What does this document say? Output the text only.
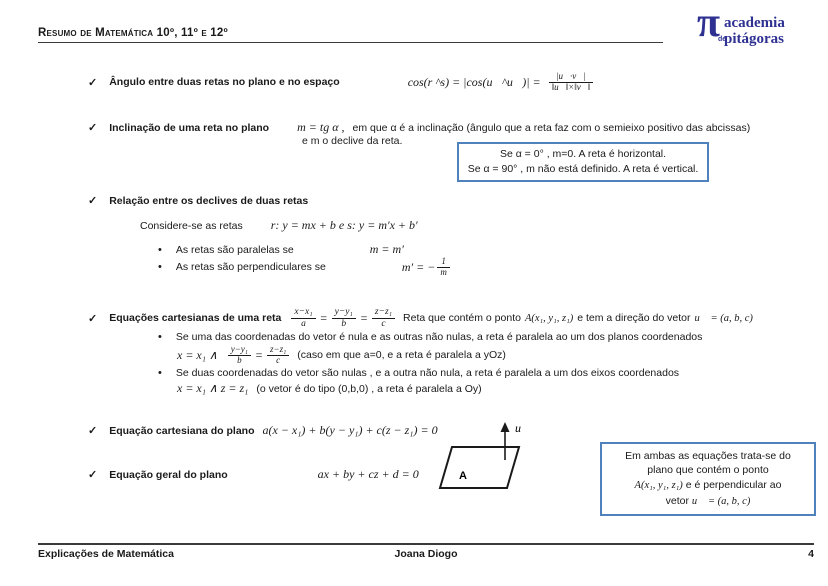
Resumo de Matemática 10º, 11º e 12º	π
de
academia
pitágoras
✓ Ângulo entre duas retas no plano e no espaço	cos(r ^s) = |cos(u⃗^u⃗)| = $\frac{|u⃗\cdot v⃗|}{‖u⃗‖\times‖v⃗‖}$
✓ Inclinação de uma reta no plano m = tg α , em que α é a inclinação (ângulo que a reta faz com o semieixo positivo das abcissas)
e m o declive da reta.
Se α = 0° , m=0. A reta é horizontal.
Se α = 90° , m não está definido. A reta é vertical.
✓ Relação entre os declives de duas retas
Considere-se as retas r: y = mx + b e s: y = m′x + b′
• As retas são paralelas se	m = m′
• As retas são perpendiculares se	m′ = − $\frac{1}{m}$
✓ Equações cartesianas de uma reta $\frac{\text{x−x₁}}{a} = \frac{\text{y−y₁}}{b} = \frac{\text{z−z₁}}{c}$ Reta que contém o ponto A(x₁, y₁, z₁) e tem a direção do vetor u⃗ = (a, b, c)
• Se uma das coordenadas do vetor é nula e as outras não nulas, a reta é paralela ao um dos planos coordenados
x = x₁ ∧ $\frac{\text{y−y₁}}{b} = \frac{\text{z−z₁}}{c}$ (caso em que a=0, e a reta é paralela a yOz)
• Se duas coordenadas do vetor são nulas , e a outra não nula, a reta é paralela a um dos eixos coordenados
x = x₁ ∧ z = z₁ (o vetor é do tipo (0,b,0) , a reta é paralela a Oy)
✓ Equação cartesiana do plano a(x − x₁) + b(y − y₁) + c(z − z₁) = 0
✓ Equação geral do plano	ax + by + cz + d = 0	A
u⃗
Em ambas as equações trata-se do
plano que contém o ponto
A(x₁, y₁, z₁) e é perpendicular ao
vetor u⃗ = (a, b, c)
Explicações de Matemática	Joana Diogo	4
